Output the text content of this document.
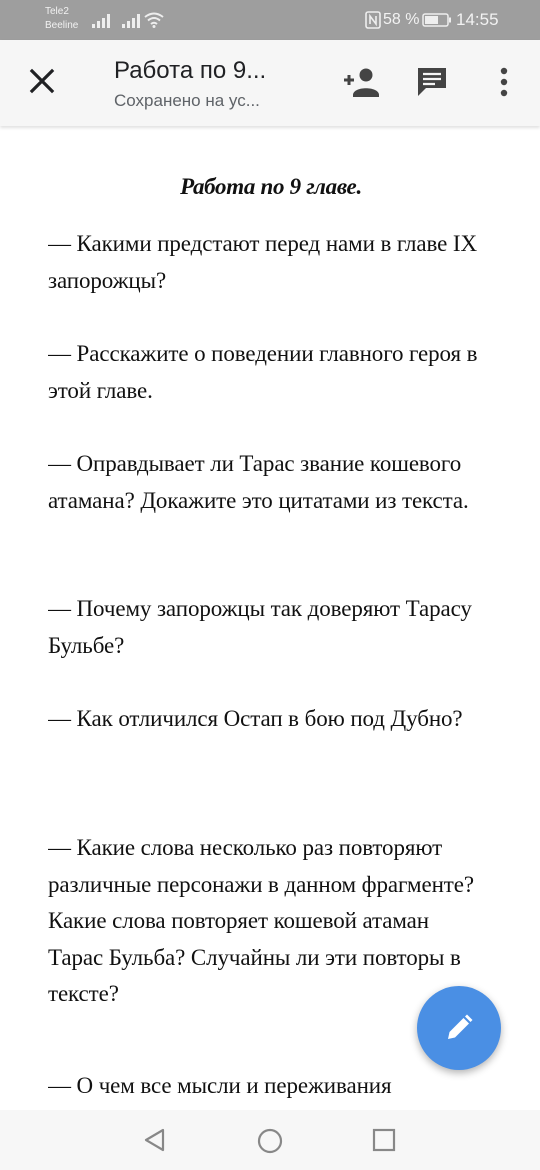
Tele2
Beeline	58 % 14:55
Работа по 9...
Сохранено на ус...
Работа по 9 главе.
— Какими предстают перед нами в главе IX запорожцы?
— Расскажите о поведении главного героя в этой главе.
— Оправдывает ли Тарас звание кошевого атамана? Докажите это цитатами из текста.
— Почему запорожцы так доверяют Тарасу Бульбе?
— Как отличился Остап в бою под Дубно?
— Какие слова несколько раз повторяют различные персонажи в данном фрагменте? Какие слова повторяет кошевой атаман Тарас Бульба? Случайны ли эти повторы в тексте?
— О чем все мысли и переживания
